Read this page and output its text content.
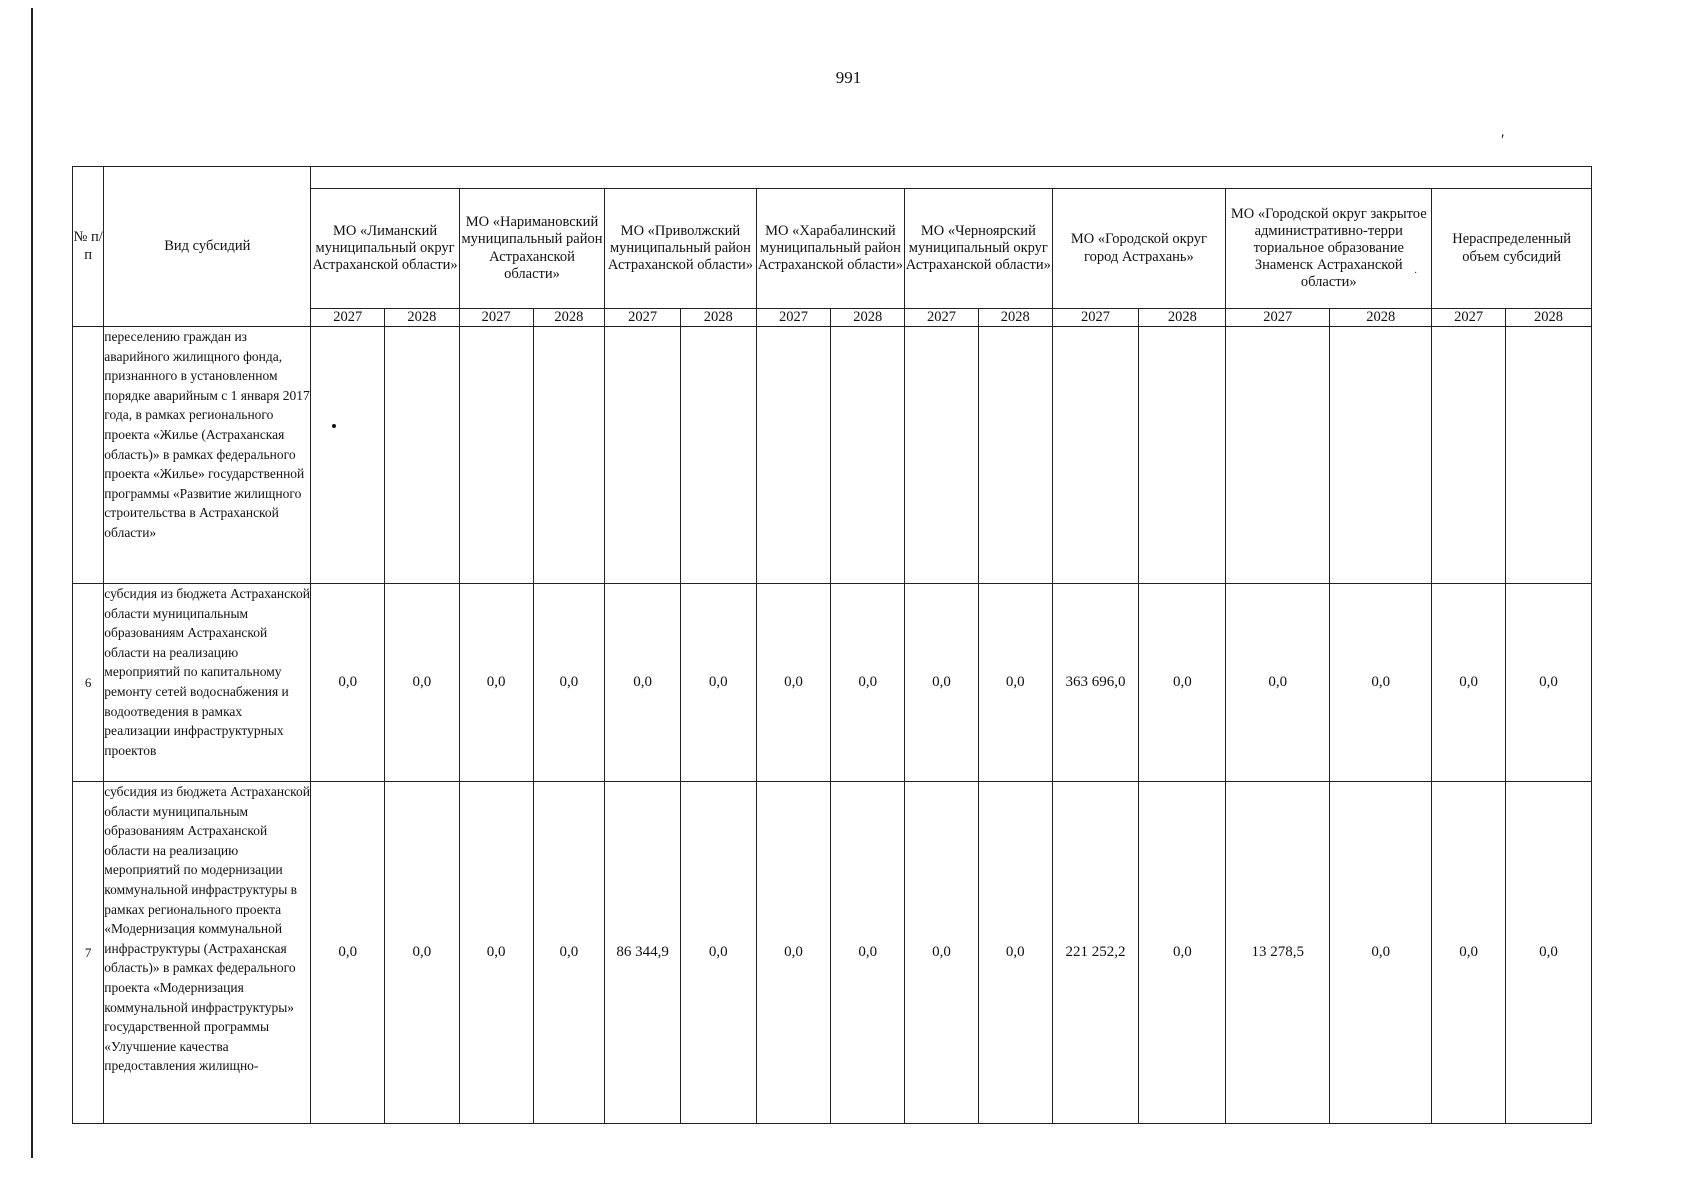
991
′
·
№ п/п	Вид субсидий																
		МО «Лиманский муниципальный округ Астраханской области»		МО «Наримановский муниципальный район Астраханской области»		МО «Приволжский муниципальный район Астраханской области»		МО «Харабалинский муниципальный район Астраханской области»		МО «Черноярский муниципальный округ Астраханской области»		МО «Городской округ город Астрахань»		МО «Городской округ закрытое административно-терри ториальное образование Знаменск Астраханской области»		Нераспределенный объем субсидий	
		2027	2028	2027	2028	2027	2028	2027	2028	2027	2028	2027	2028	2027	2028	2027	2028
	переселению граждан из аварийного жилищного фонда, признанного в установленном порядке аварийным с 1 января 2017 года, в рамках регионального проекта «Жилье (Астраханская область)» в рамках федерального проекта «Жилье» государственной программы «Развитие жилищного строительства в Астраханской области»																
6	субсидия из бюджета Астраханской области муниципальным образованиям Астраханской области на реализацию мероприятий по капитальному ремонту сетей водоснабжения и водоотведения в рамках реализации инфраструктурных проектов	0,0	0,0	0,0	0,0	0,0	0,0	0,0	0,0	0,0	0,0	363 696,0	0,0	0,0	0,0	0,0	0,0
7	субсидия из бюджета Астраханской области муниципальным образованиям Астраханской области на реализацию мероприятий по модернизации коммунальной инфраструктуры в рамках регионального проекта «Модернизация коммунальной инфраструктуры (Астраханская область)» в рамках федерального проекта «Модернизация коммунальной инфраструктуры» государственной программы «Улучшение качества предоставления жилищно-	0,0	0,0	0,0	0,0	86 344,9	0,0	0,0	0,0	0,0	0,0	221 252,2	0,0	13 278,5	0,0	0,0	0,0
